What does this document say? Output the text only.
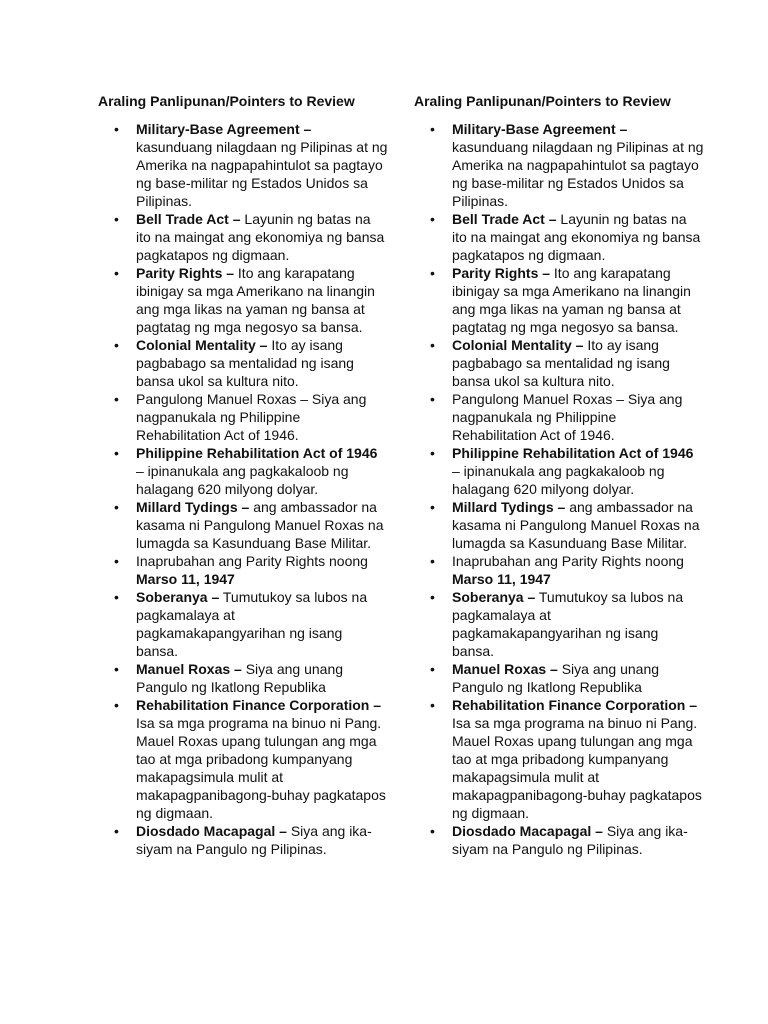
Araling Panlipunan/Pointers to Review
• Military-Base Agreement – kasunduang nilagdaan ng Pilipinas at ng Amerika na nagpapahintulot sa pagtayo ng base-militar ng Estados Unidos sa Pilipinas.
• Bell Trade Act – Layunin ng batas na ito na maingat ang ekonomiya ng bansa pagkatapos ng digmaan.
• Parity Rights – Ito ang karapatang ibinigay sa mga Amerikano na linangin ang mga likas na yaman ng bansa at pagtatag ng mga negosyo sa bansa.
• Colonial Mentality – Ito ay isang pagbabago sa mentalidad ng isang bansa ukol sa kultura nito.
• Pangulong Manuel Roxas – Siya ang nagpanukala ng Philippine Rehabilitation Act of 1946.
• Philippine Rehabilitation Act of 1946 – ipinanukala ang pagkakaloob ng halagang 620 milyong dolyar.
• Millard Tydings – ang ambassador na kasama ni Pangulong Manuel Roxas na lumagda sa Kasunduang Base Militar.
• Inaprubahan ang Parity Rights noong Marso 11, 1947
• Soberanya – Tumutukoy sa lubos na pagkamalaya at pagkamakapangyarihan ng isang bansa.
• Manuel Roxas – Siya ang unang Pangulo ng Ikatlong Republika
• Rehabilitation Finance Corporation – Isa sa mga programa na binuo ni Pang. Mauel Roxas upang tulungan ang mga tao at mga pribadong kumpanyang makapagsimula mulit at makapagpanibagong-buhay pagkatapos ng digmaan.
• Diosdado Macapagal – Siya ang ika-siyam na Pangulo ng Pilipinas.
Araling Panlipunan/Pointers to Review
• Military-Base Agreement – kasunduang nilagdaan ng Pilipinas at ng Amerika na nagpapahintulot sa pagtayo ng base-militar ng Estados Unidos sa Pilipinas.
• Bell Trade Act – Layunin ng batas na ito na maingat ang ekonomiya ng bansa pagkatapos ng digmaan.
• Parity Rights – Ito ang karapatang ibinigay sa mga Amerikano na linangin ang mga likas na yaman ng bansa at pagtatag ng mga negosyo sa bansa.
• Colonial Mentality – Ito ay isang pagbabago sa mentalidad ng isang bansa ukol sa kultura nito.
• Pangulong Manuel Roxas – Siya ang nagpanukala ng Philippine Rehabilitation Act of 1946.
• Philippine Rehabilitation Act of 1946 – ipinanukala ang pagkakaloob ng halagang 620 milyong dolyar.
• Millard Tydings – ang ambassador na kasama ni Pangulong Manuel Roxas na lumagda sa Kasunduang Base Militar.
• Inaprubahan ang Parity Rights noong Marso 11, 1947
• Soberanya – Tumutukoy sa lubos na pagkamalaya at pagkamakapangyarihan ng isang bansa.
• Manuel Roxas – Siya ang unang Pangulo ng Ikatlong Republika
• Rehabilitation Finance Corporation – Isa sa mga programa na binuo ni Pang. Mauel Roxas upang tulungan ang mga tao at mga pribadong kumpanyang makapagsimula mulit at makapagpanibagong-buhay pagkatapos ng digmaan.
• Diosdado Macapagal – Siya ang ika-siyam na Pangulo ng Pilipinas.
